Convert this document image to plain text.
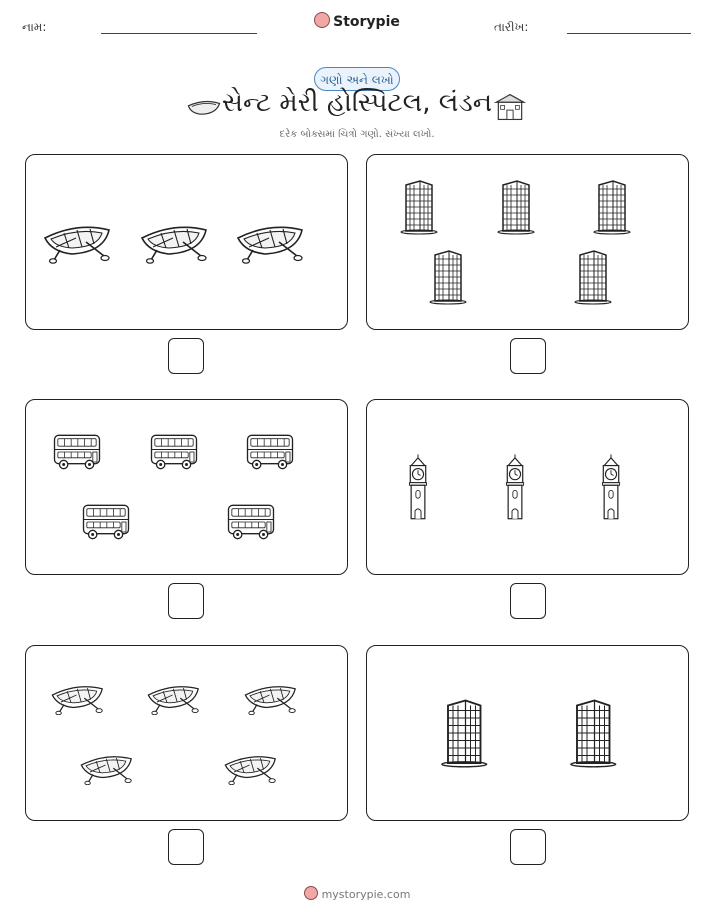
નામ:	Storypie	તારીખ:
ગણો અને લખો
સેન્ટ મેરી હોસ્પિટલ, લંડન
દરેક બોક્સમાં ચિત્રો ગણો. સંખ્યા લખો.
mystorypie.com
